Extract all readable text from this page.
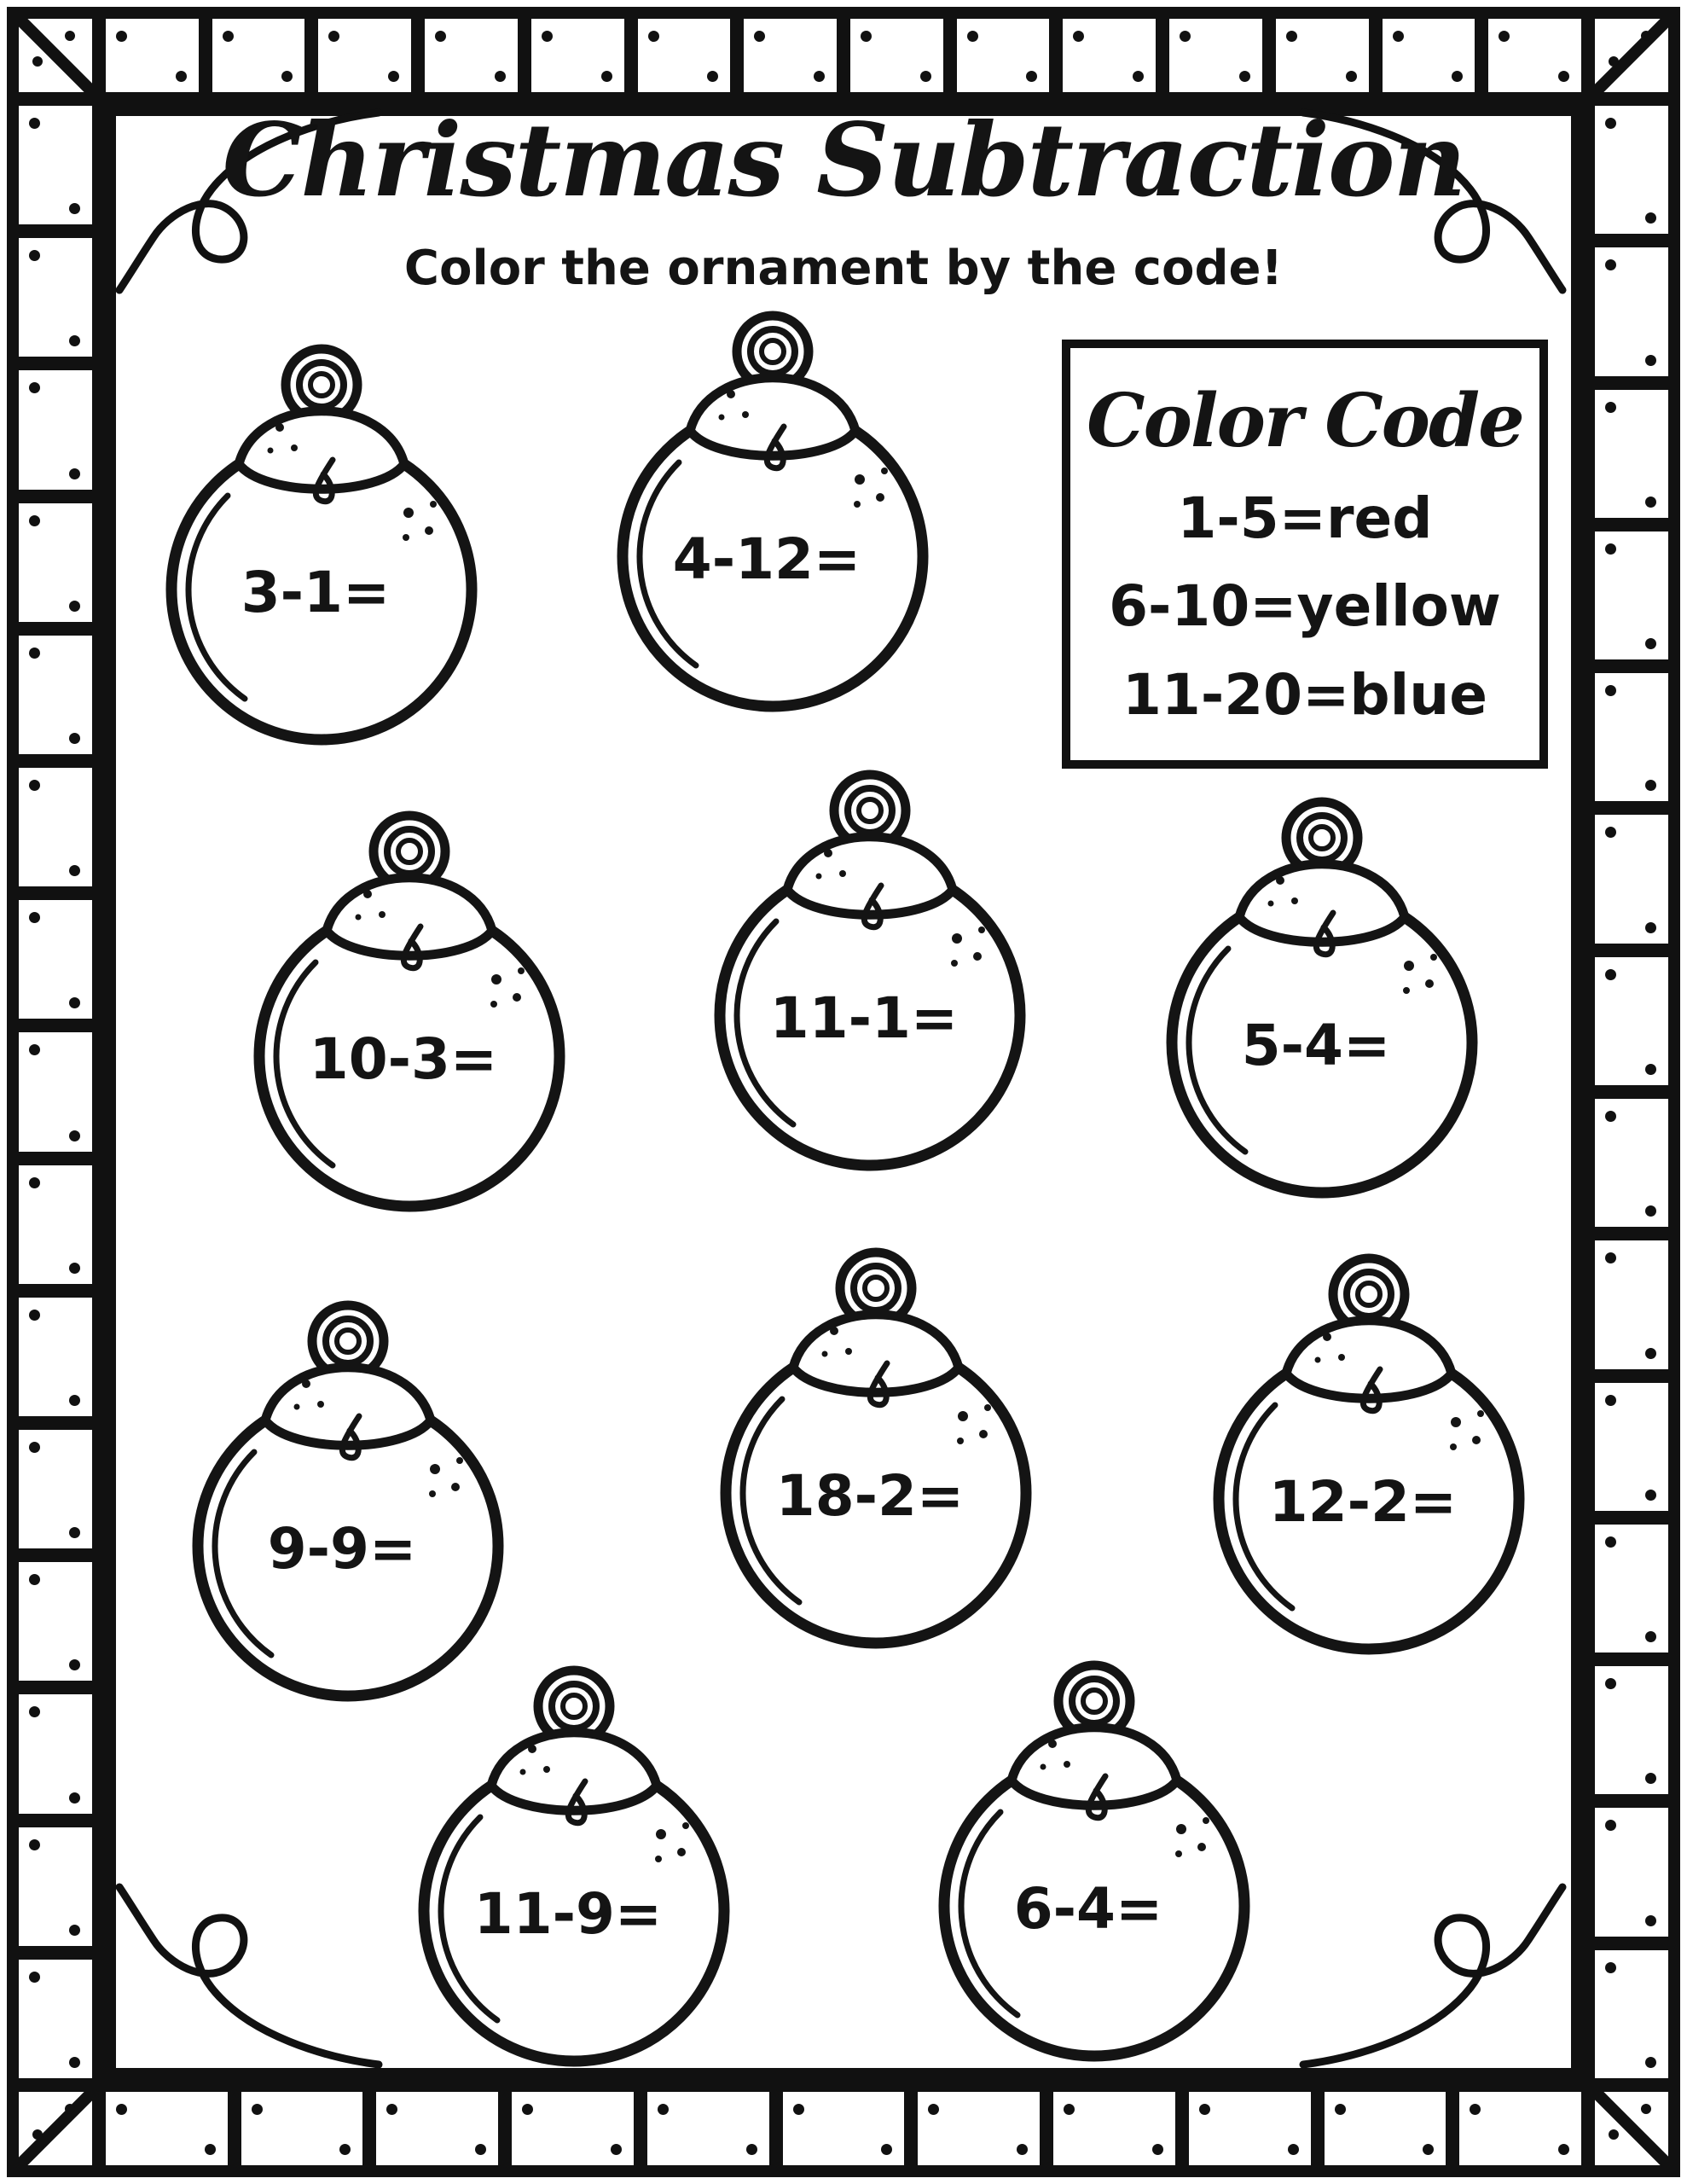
Christmas Subtraction
Color the ornament by the code!
Color Code
1-5=red
6-10=yellow
11-20=blue
3-1=
4-12=
10-3=
11-1=	5-4=
9-9=
18-2=	12-2=
11-9=	6-4=
